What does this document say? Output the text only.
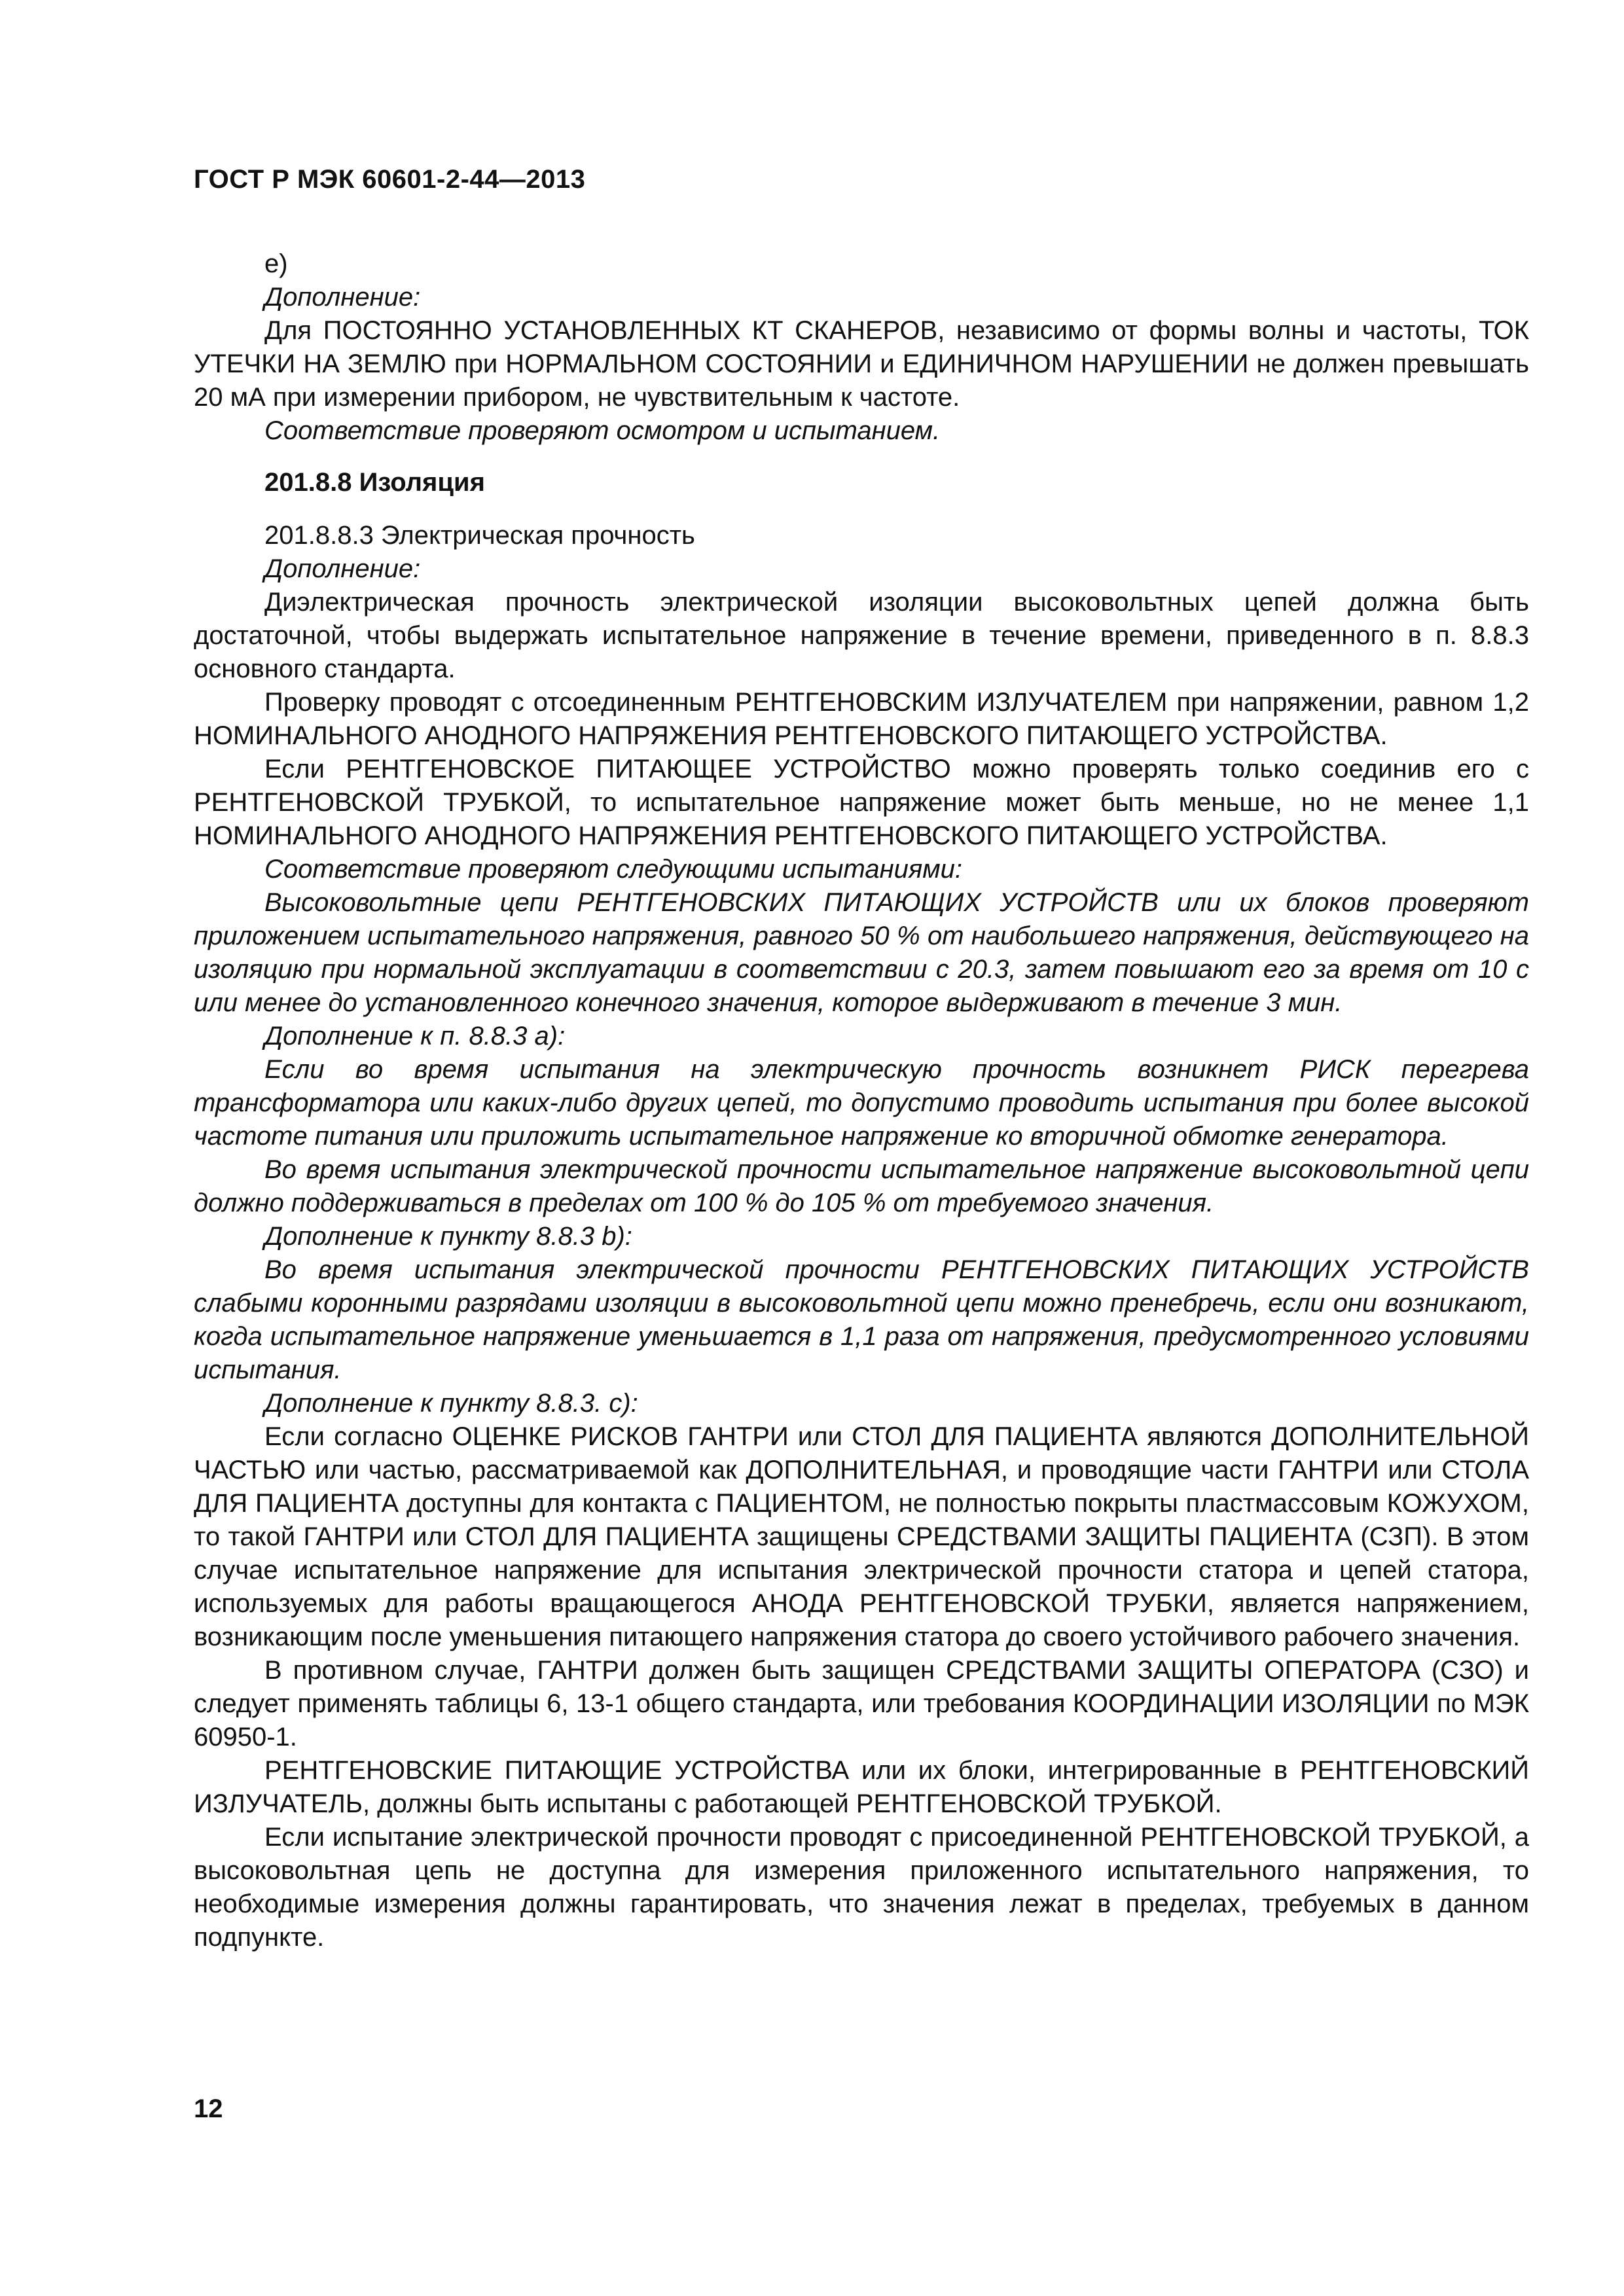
ГОСТ Р МЭК 60601-2-44—2013

e)

Дополнение:

Для ПОСТОЯННО УСТАНОВЛЕННЫХ КТ СКАНЕРОВ, независимо от формы волны и частоты, ТОК УТЕЧКИ НА ЗЕМЛЮ при НОРМАЛЬНОМ СОСТОЯНИИ и ЕДИНИЧНОМ НАРУШЕНИИ не должен превышать 20 мА при измерении прибором, не чувствительным к частоте.

Соответствие проверяют осмотром и испытанием.

201.8.8 Изоляция

201.8.8.3 Электрическая прочность

Дополнение:

Диэлектрическая прочность электрической изоляции высоковольтных цепей должна быть достаточной, чтобы выдержать испытательное напряжение в течение времени, приведенного в п. 8.8.3 основного стандарта.

Проверку проводят с отсоединенным РЕНТГЕНОВСКИМ ИЗЛУЧАТЕЛЕМ при напряжении, равном 1,2 НОМИНАЛЬНОГО АНОДНОГО НАПРЯЖЕНИЯ РЕНТГЕНОВСКОГО ПИТАЮЩЕГО УСТРОЙСТВА.

Если РЕНТГЕНОВСКОЕ ПИТАЮЩЕЕ УСТРОЙСТВО можно проверять только соединив его с РЕНТГЕНОВСКОЙ ТРУБКОЙ, то испытательное напряжение может быть меньше, но не менее 1,1 НОМИНАЛЬНОГО АНОДНОГО НАПРЯЖЕНИЯ РЕНТГЕНОВСКОГО ПИТАЮЩЕГО УСТРОЙСТВА.

Соответствие проверяют следующими испытаниями:

Высоковольтные цепи РЕНТГЕНОВСКИХ ПИТАЮЩИХ УСТРОЙСТВ или их блоков проверяют приложением испытательного напряжения, равного 50 % от наибольшего напряжения, действующего на изоляцию при нормальной эксплуатации в соответствии с 20.3, затем повышают его за время от 10 с или менее до установленного конечного значения, которое выдерживают в течение 3 мин.

Дополнение к п. 8.8.3 а):

Если во время испытания на электрическую прочность возникнет РИСК перегрева трансформатора или каких-либо других цепей, то допустимо проводить испытания при более высокой частоте питания или приложить испытательное напряжение ко вторичной обмотке генератора.

Во время испытания электрической прочности испытательное напряжение высоковольтной цепи должно поддерживаться в пределах от 100 % до 105 % от требуемого значения.

Дополнение к пункту 8.8.3 b):

Во время испытания электрической прочности РЕНТГЕНОВСКИХ ПИТАЮЩИХ УСТРОЙСТВ слабыми коронными разрядами изоляции в высоковольтной цепи можно пренебречь, если они возникают, когда испытательное напряжение уменьшается в 1,1 раза от напряжения, предусмотренного условиями испытания.

Дополнение к пункту 8.8.3. с):

Если согласно ОЦЕНКЕ РИСКОВ ГАНТРИ или СТОЛ ДЛЯ ПАЦИЕНТА являются ДОПОЛНИТЕЛЬНОЙ ЧАСТЬЮ или частью, рассматриваемой как ДОПОЛНИТЕЛЬНАЯ, и проводящие части ГАНТРИ или СТОЛА ДЛЯ ПАЦИЕНТА доступны для контакта с ПАЦИЕНТОМ, не полностью покрыты пластмассовым КОЖУХОМ, то такой ГАНТРИ или СТОЛ ДЛЯ ПАЦИЕНТА защищены СРЕДСТВАМИ ЗАЩИТЫ ПАЦИЕНТА (СЗП). В этом случае испытательное напряжение для испытания электрической прочности статора и цепей статора, используемых для работы вращающегося АНОДА РЕНТГЕНОВСКОЙ ТРУБКИ, является напряжением, возникающим после уменьшения питающего напряжения статора до своего устойчивого рабочего значения.

В противном случае, ГАНТРИ должен быть защищен СРЕДСТВАМИ ЗАЩИТЫ ОПЕРАТОРА (СЗО) и следует применять таблицы 6, 13-1 общего стандарта, или требования КООРДИНАЦИИ ИЗОЛЯЦИИ по МЭК 60950-1.

РЕНТГЕНОВСКИЕ ПИТАЮЩИЕ УСТРОЙСТВА или их блоки, интегрированные в РЕНТГЕНОВСКИЙ ИЗЛУЧАТЕЛЬ, должны быть испытаны с работающей РЕНТГЕНОВСКОЙ ТРУБКОЙ.

Если испытание электрической прочности проводят с присоединенной РЕНТГЕНОВСКОЙ ТРУБКОЙ, а высоковольтная цепь не доступна для измерения приложенного испытательного напряжения, то необходимые измерения должны гарантировать, что значения лежат в пределах, требуемых в данном подпункте.

12
